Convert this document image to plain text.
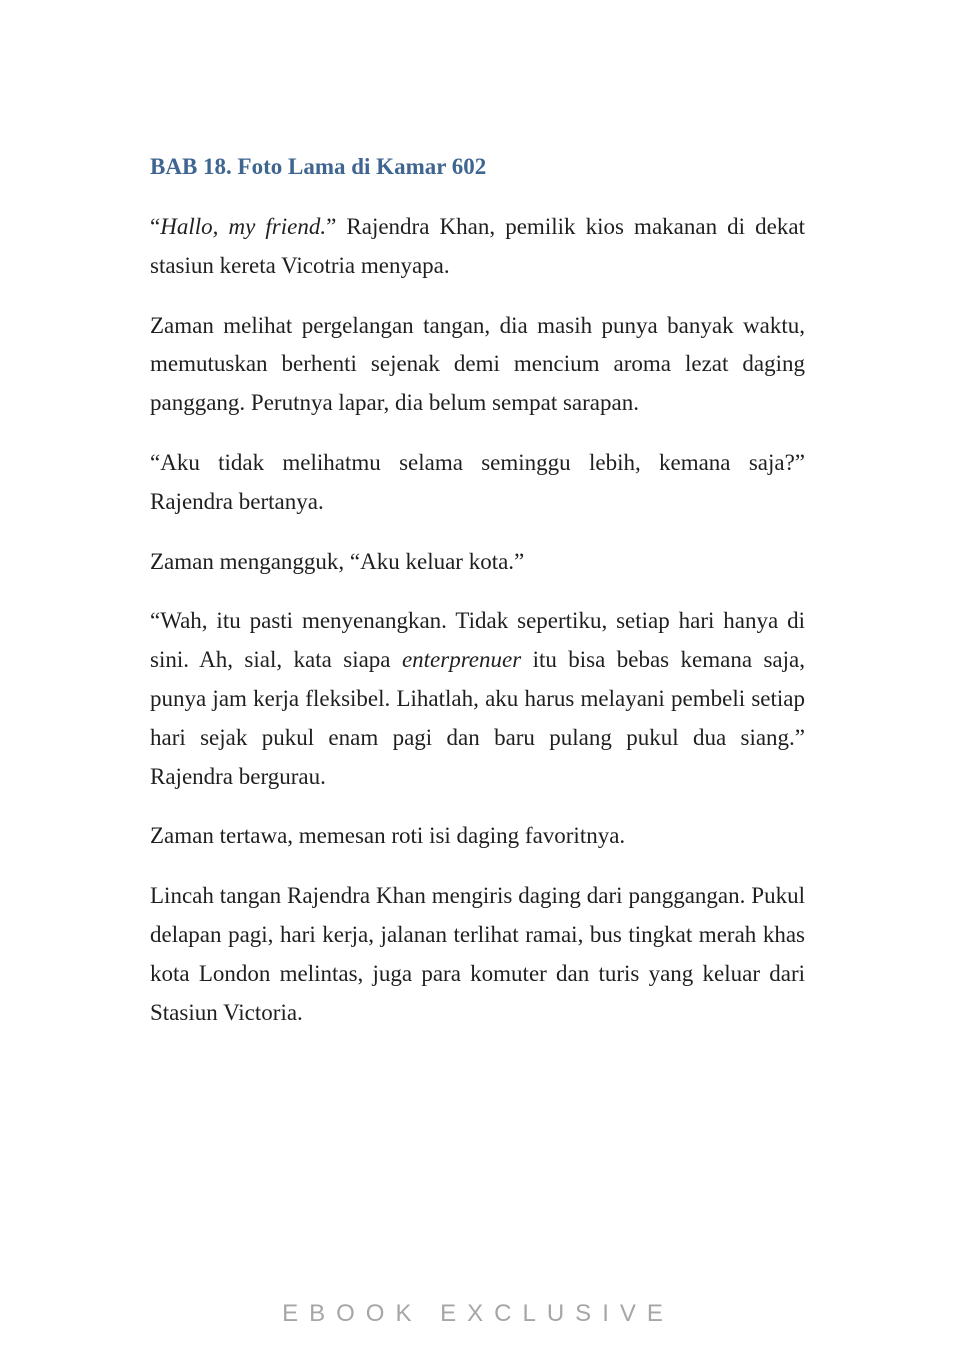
BAB 18. Foto Lama di Kamar 602

“Hallo, my friend.” Rajendra Khan, pemilik kios makanan di dekat stasiun kereta Vicotria menyapa.

Zaman melihat pergelangan tangan, dia masih punya banyak waktu, memutuskan berhenti sejenak demi mencium aroma lezat daging panggang. Perutnya lapar, dia belum sempat sarapan.

“Aku tidak melihatmu selama seminggu lebih, kemana saja?” Rajendra bertanya.

Zaman mengangguk, “Aku keluar kota.”

“Wah, itu pasti menyenangkan. Tidak sepertiku, setiap hari hanya di sini. Ah, sial, kata siapa enterprenuer itu bisa bebas kemana saja, punya jam kerja fleksibel. Lihatlah, aku harus melayani pembeli setiap hari sejak pukul enam pagi dan baru pulang pukul dua siang.” Rajendra bergurau.

Zaman tertawa, memesan roti isi daging favoritnya.

Lincah tangan Rajendra Khan mengiris daging dari panggangan. Pukul delapan pagi, hari kerja, jalanan terlihat ramai, bus tingkat merah khas kota London melintas, juga para komuter dan turis yang keluar dari Stasiun Victoria.

EBOOK EXCLUSIVE
